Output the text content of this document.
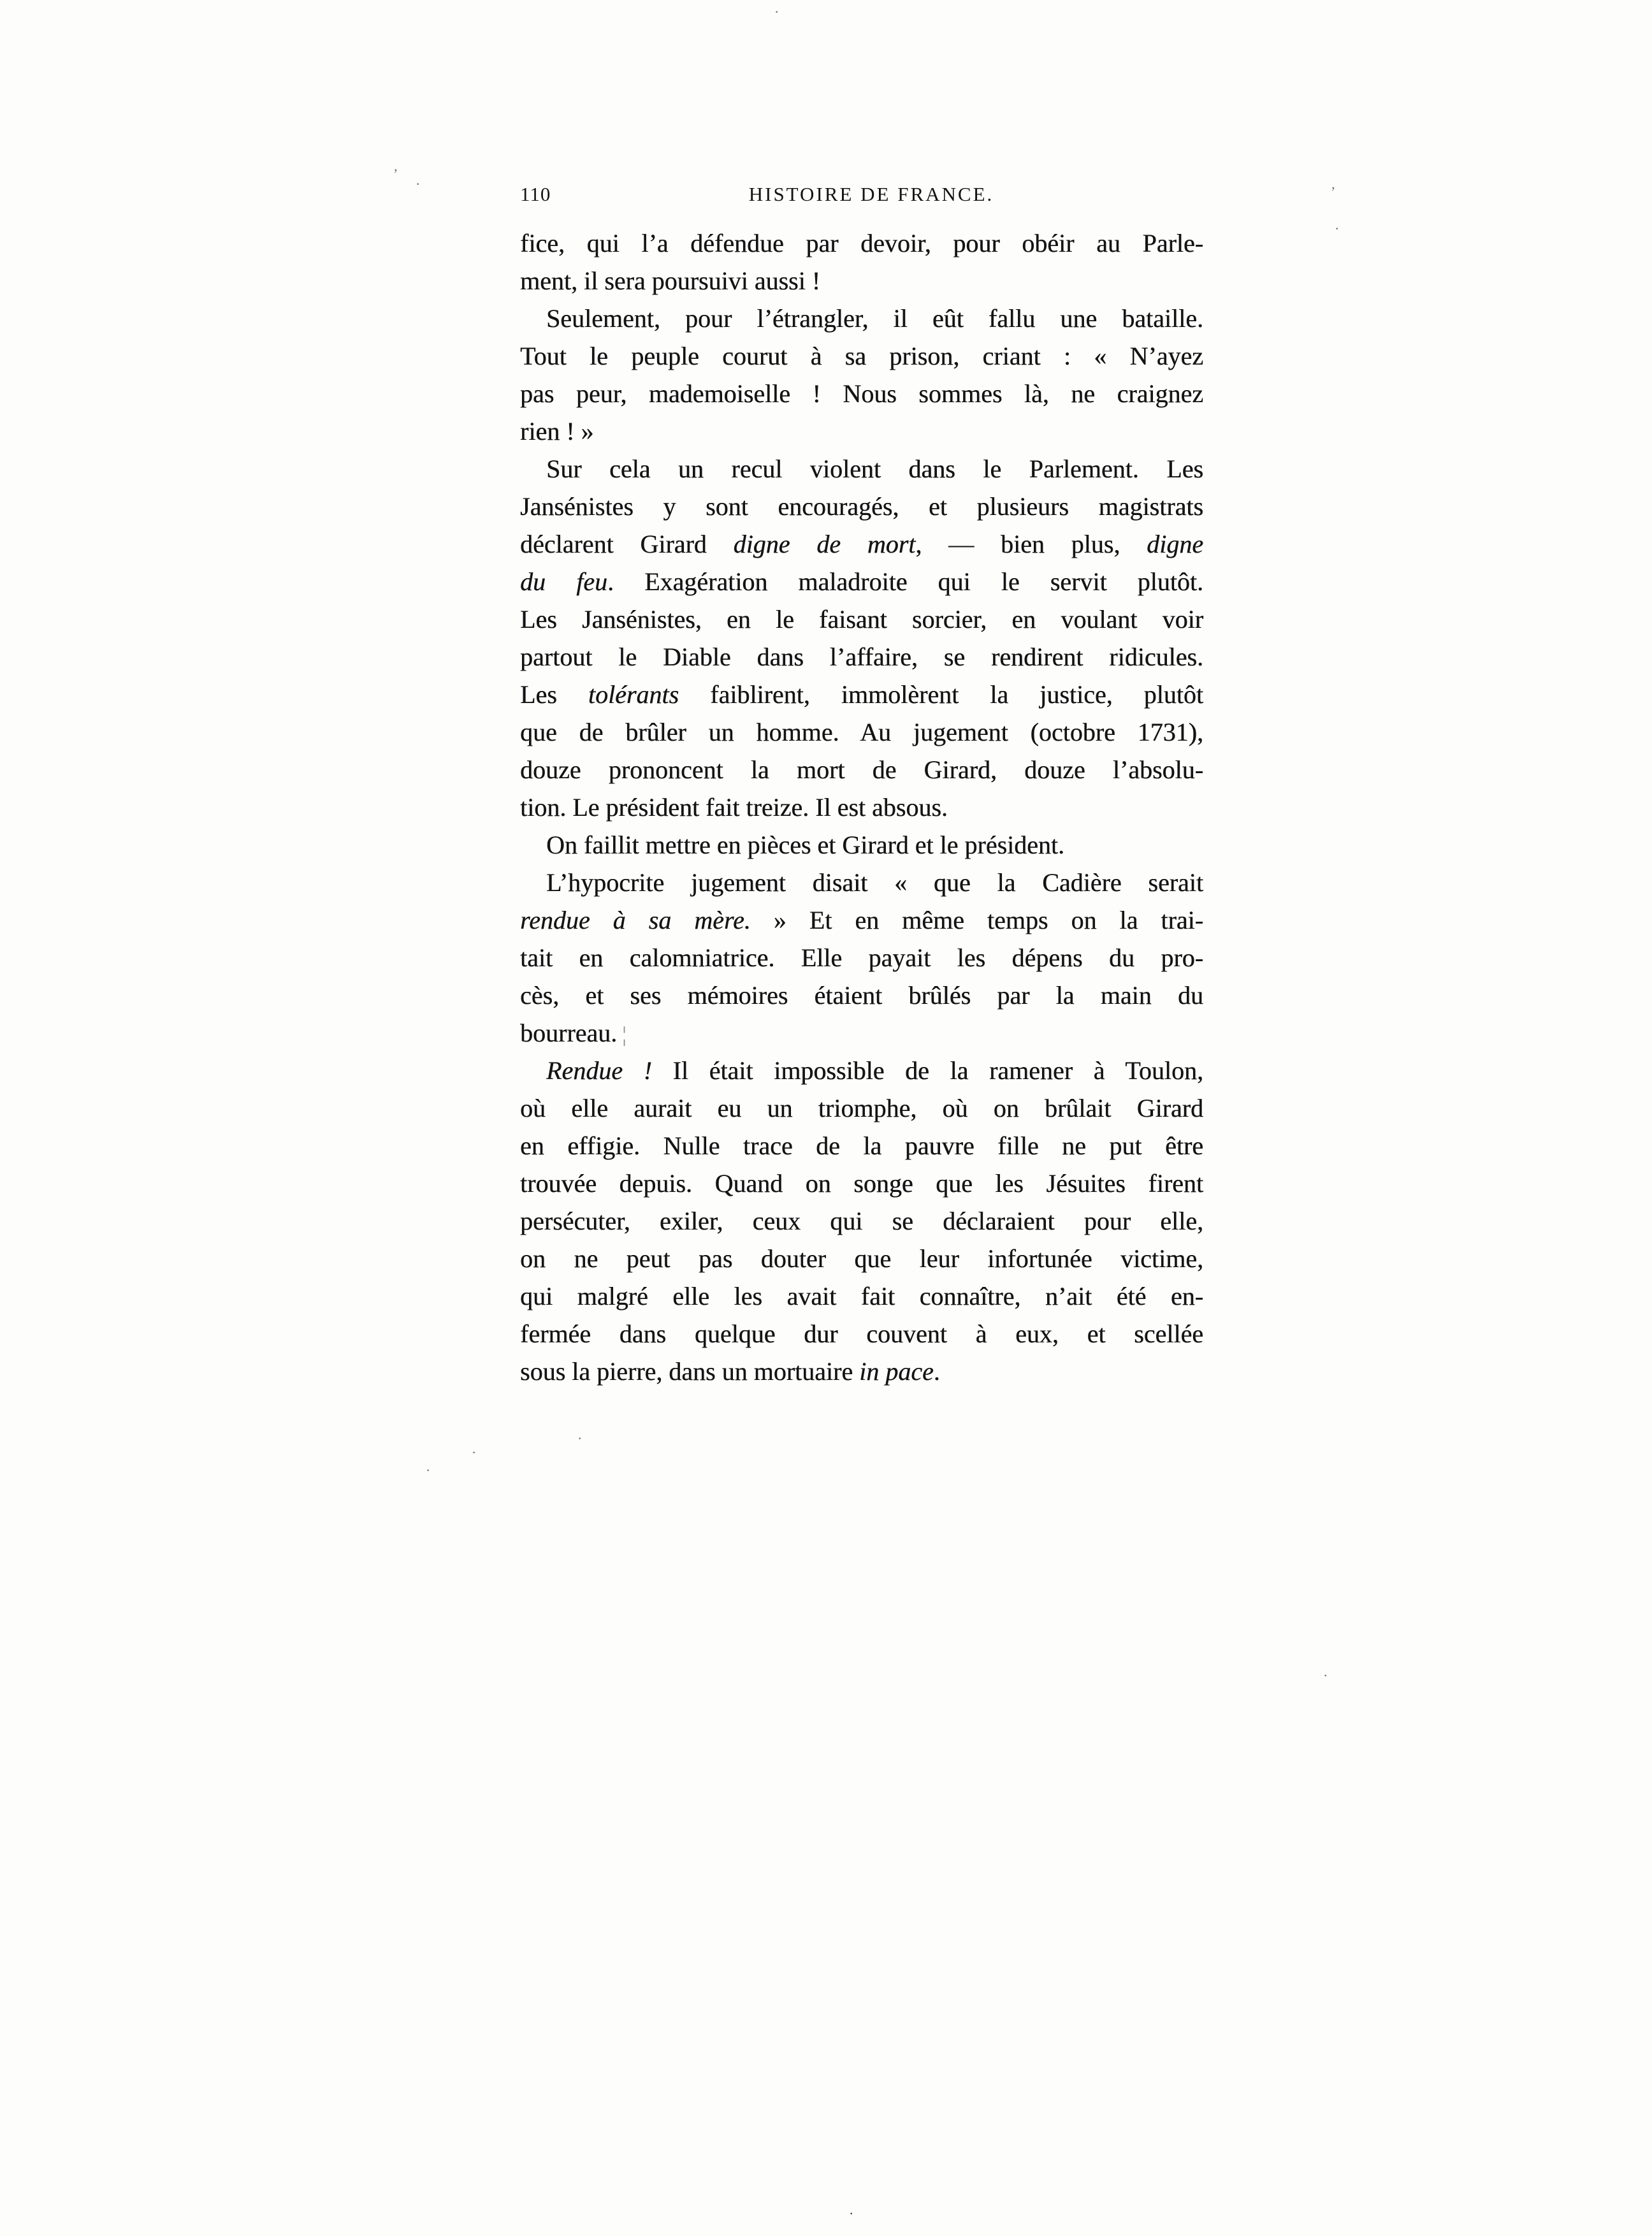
110	HISTOIRE DE FRANCE.
fice, qui l’a défendue par devoir, pour obéir au Parle-
ment, il sera poursuivi aussi !
Seulement, pour l’étrangler, il eût fallu une bataille.
Tout le peuple courut à sa prison, criant : « N’ayez
pas peur, mademoiselle ! Nous sommes là, ne craignez
rien ! »
Sur cela un recul violent dans le Parlement. Les
Jansénistes y sont encouragés, et plusieurs magistrats
déclarent Girard digne de mort, — bien plus, digne
du feu. Exagération maladroite qui le servit plutôt.
Les Jansénistes, en le faisant sorcier, en voulant voir
partout le Diable dans l’affaire, se rendirent ridicules.
Les tolérants faiblirent, immolèrent la justice, plutôt
que de brûler un homme. Au jugement (octobre 1731),
douze prononcent la mort de Girard, douze l’absolu-
tion. Le président fait treize. Il est absous.
On faillit mettre en pièces et Girard et le président.
L’hypocrite jugement disait « que la Cadière serait
rendue à sa mère. » Et en même temps on la trai-
tait en calomniatrice. Elle payait les dépens du pro-
cès, et ses mémoires étaient brûlés par la main du
bourreau. ¦
Rendue ! Il était impossible de la ramener à Toulon,
où elle aurait eu un triomphe, où on brûlait Girard
en effigie. Nulle trace de la pauvre fille ne put être
trouvée depuis. Quand on songe que les Jésuites firent
persécuter, exiler, ceux qui se déclaraient pour elle,
on ne peut pas douter que leur infortunée victime,
qui malgré elle les avait fait connaître, n’ait été en-
fermée dans quelque dur couvent à eux, et scellée
sous la pierre, dans un mortuaire in pace.
’
·
·
’
·
·
·
·
·
·
